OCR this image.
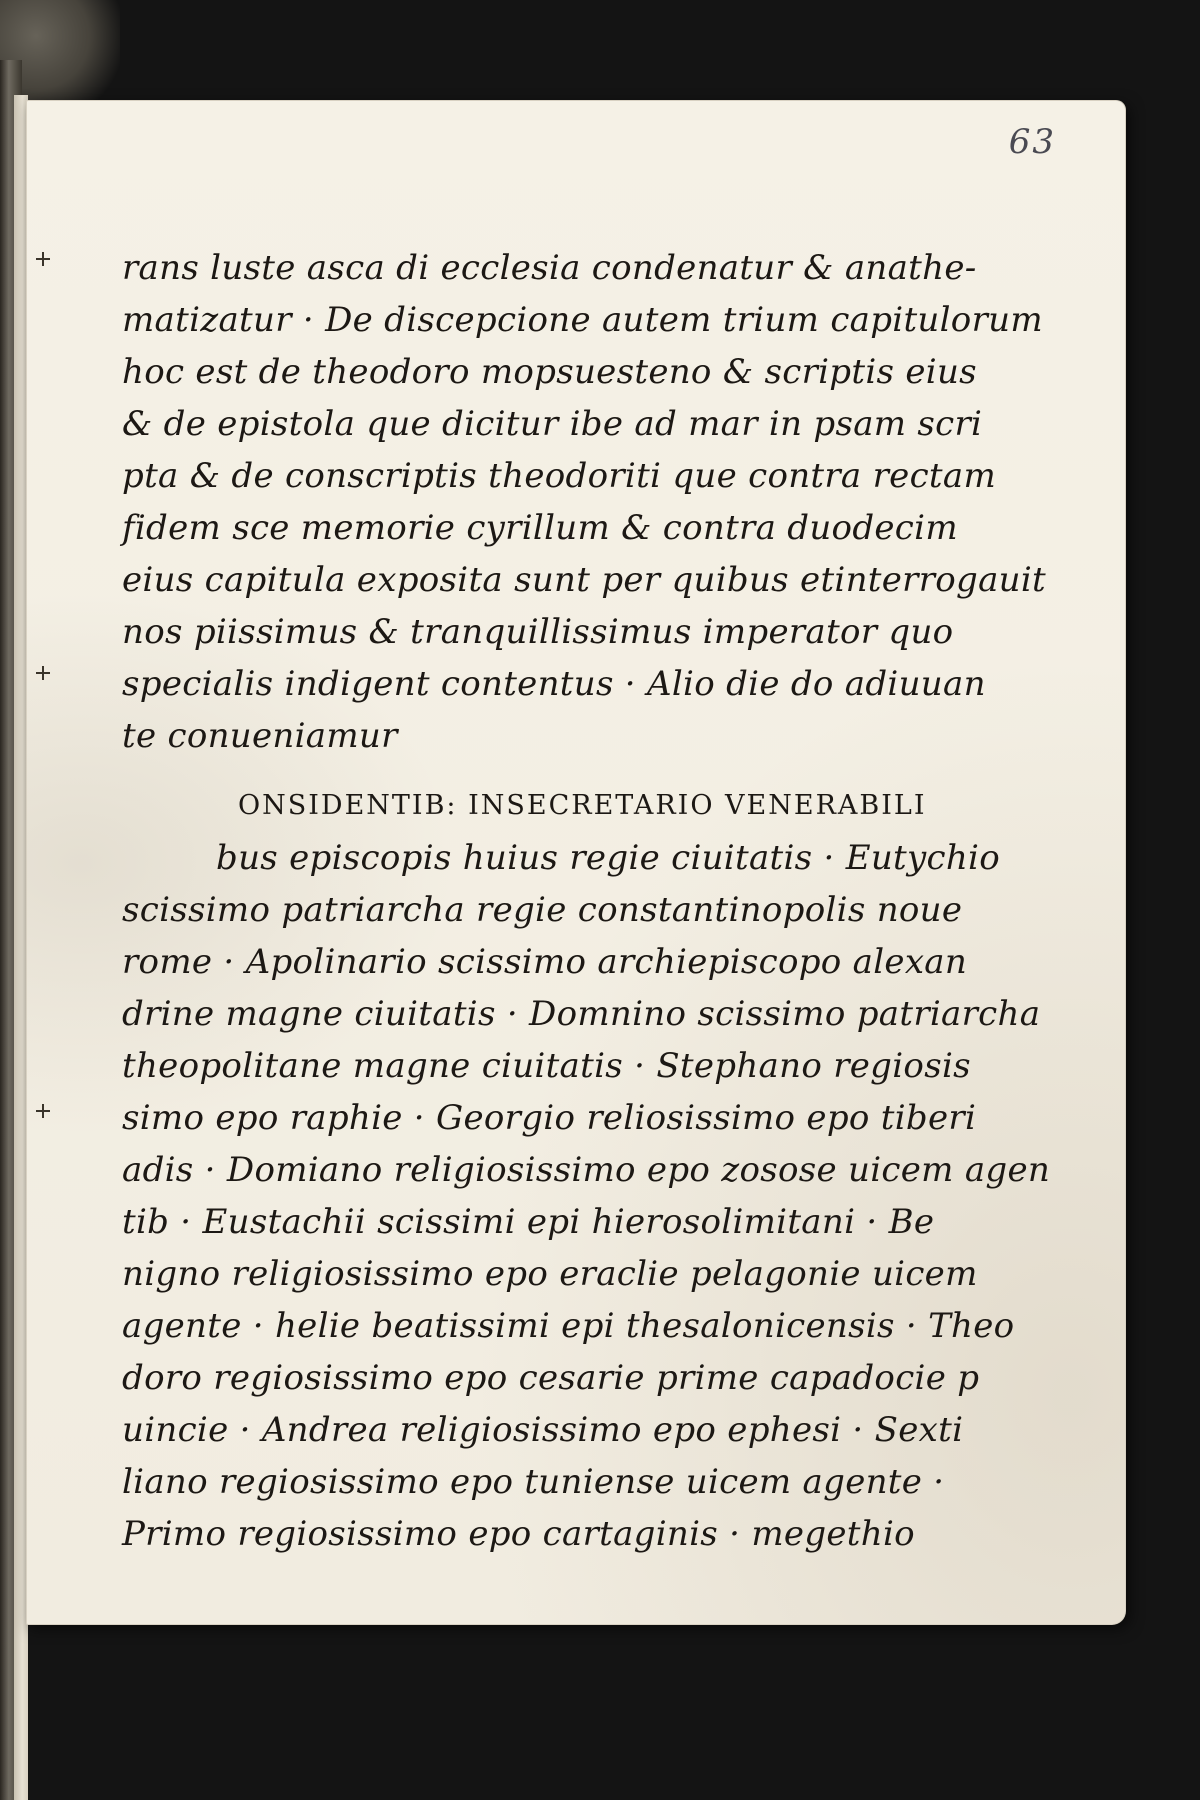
63
rans luste asca di ecclesia condenatur & anathe-
matizatur · De discepcione autem trium capitulorum
hoc est de theodoro mopsuesteno & scriptis eius
& de epistola que dicitur ibe ad mar in psam scri
pta & de conscriptis theodoriti que contra rectam
fidem sce memorie cyrillum & contra duodecim
eius capitula exposita sunt per quibus etinterrogauit
nos piissimus & tranquillissimus imperator quo
specialis indigent contentus · Alio die do adiuuan
te conueniamur
ONSIDENTIB: INSECRETARIO VENERABILI
bus episcopis huius regie ciuitatis · Eutychio
scissimo patriarcha regie constantinopolis noue
rome · Apolinario scissimo archiepiscopo alexan
drine magne ciuitatis · Domnino scissimo patriarcha
theopolitane magne ciuitatis · Stephano regiosis
simo epo raphie · Georgio reliosissimo epo tiberi
adis · Domiano religiosissimo epo zosose uicem agen
tib · Eustachii scissimi epi hierosolimitani · Be
nigno religiosissimo epo eraclie pelagonie uicem
agente · helie beatissimi epi thesalonicensis · Theo
doro regiosissimo epo cesarie prime capadocie p
uincie · Andrea religiosissimo epo ephesi · Sexti
liano regiosissimo epo tuniense uicem agente ·
Primo regiosissimo epo cartaginis · megethio
